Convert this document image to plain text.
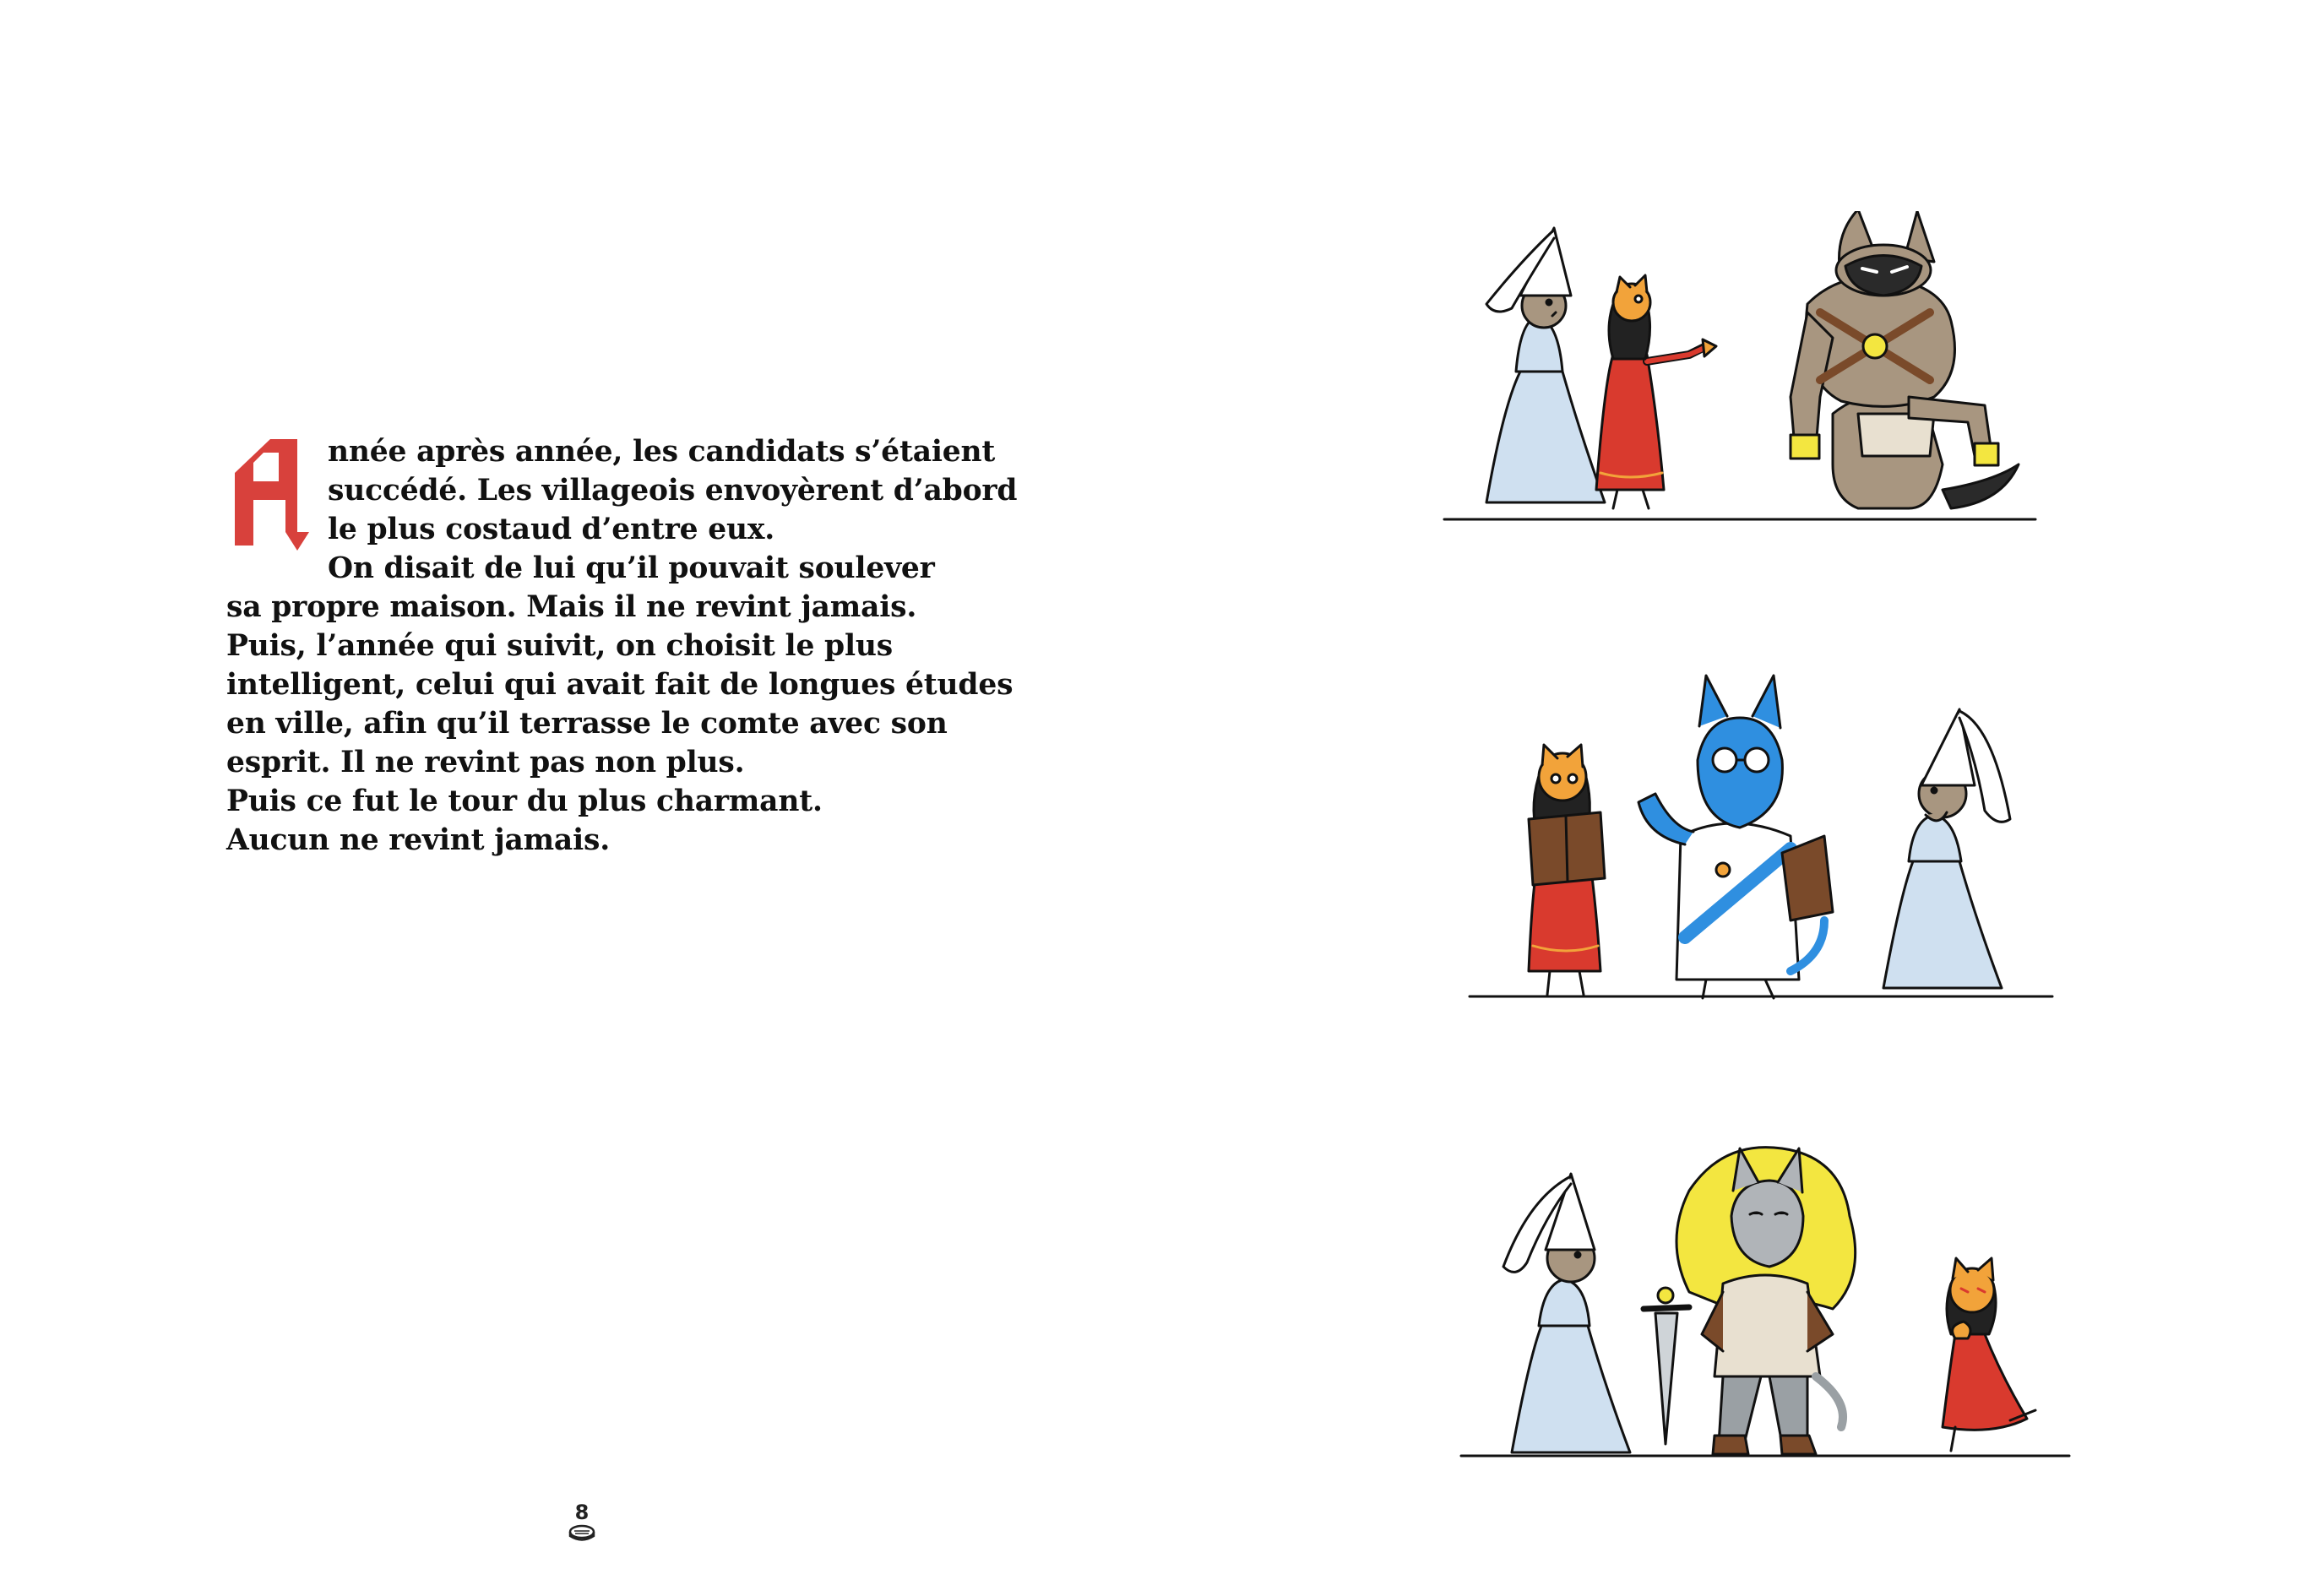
nnée après année, les candidats s’étaient
succédé. Les villageois envoyèrent d’abord
le plus costaud d’entre eux.
On disait de lui qu’il pouvait soulever
sa propre maison. Mais il ne revint jamais.
Puis, l’année qui suivit, on choisit le plus
intelligent, celui qui avait fait de longues études
en ville, afin qu’il terrasse le comte avec son
esprit. Il ne revint pas non plus.
Puis ce fut le tour du plus charmant.
Aucun ne revint jamais.
8
